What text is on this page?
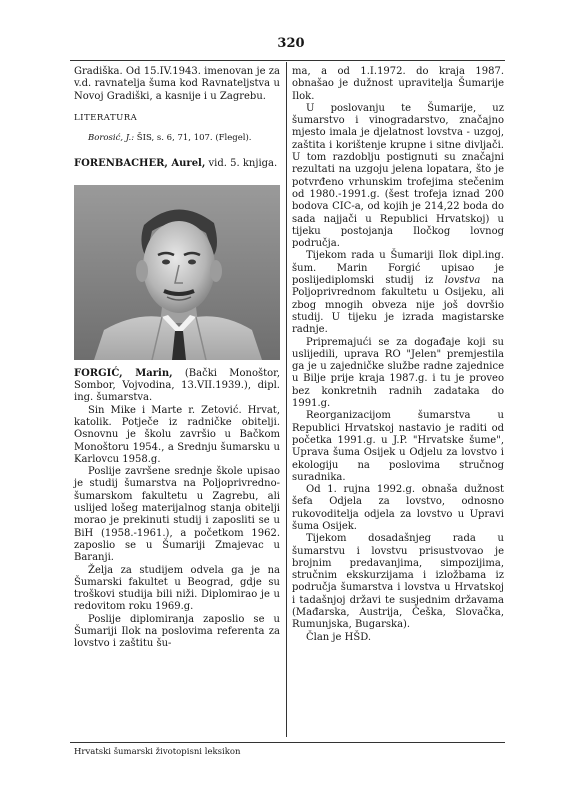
320

Gradiška. Od 15.IV.1943. imenovan je za v.d. ravnatelja šuma kod Ravnateljstva u Novoj Gradiški, a kasnije i u Zagrebu.

LITERATURA

Borosić, J.: ŠIS, s. 6, 71, 107. (Flegel).

FORENBACHER, Aurel, vid. 5. knjiga.

FORGIĆ, Marin, (Bački Monoštor, Sombor, Vojvodina, 13.VII.1939.), dipl. ing. šumarstva.

Sin Mike i Marte r. Zetović. Hrvat, katolik. Potječe iz radničke obitelji. Osnovnu je školu završio u Bačkom Monoštoru 1954., a Srednju šumarsku u Karlovcu 1958.g.

Poslije završene srednje škole upisao je studij šumarstva na Poljoprivredno-šumarskom fakultetu u Zagrebu, ali uslijed lošeg materijalnog stanja obitelji morao je prekinuti studij i zaposliti se u BiH (1958.-1961.), a početkom 1962. zaposlio se u Šumariji Zmajevac u Baranji.

Želja za studijem odvela ga je na Šumarski fakultet u Beograd, gdje su troškovi studija bili niži. Diplomirao je u redovitom roku 1969.g.

Poslije diplomiranja zaposlio se u Šumariji Ilok na poslovima referenta za lovstvo i zaštitu šu-

ma, a od 1.I.1972. do kraja 1987. obnašao je dužnost upravitelja Šumarije Ilok.

U poslovanju te Šumarije, uz šumarstvo i vinogradarstvo, značajno mjesto imala je djelatnost lovstva - uzgoj, zaštita i korištenje krupne i sitne divljači. U tom razdoblju postignuti su značajni rezultati na uzgoju jelena lopatara, što je potvrđeno vrhunskim trofejima stečenim od 1980.-1991.g. (šest trofeja iznad 200 bodova CIC-a, od kojih je 214,22 boda do sada najjači u Republici Hrvatskoj) u tijeku postojanja Iločkog lovnog područja.

Tijekom rada u Šumariji Ilok dipl.ing. šum. Marin Forgić upisao je poslijediplomski studij iz lovstva na Poljoprivrednom fakultetu u Osijeku, ali zbog mnogih obveza nije još dovršio studij. U tijeku je izrada magistarske radnje.

Pripremajući se za događaje koji su uslijedili, uprava RO "Jelen" premjestila ga je u zajedničke službe radne zajednice u Bilje prije kraja 1987.g. i tu je proveo bez konkretnih radnih zadataka do 1991.g.

Reorganizacijom šumarstva u Republici Hrvatskoj nastavio je raditi od početka 1991.g. u J.P. "Hrvatske šume", Uprava šuma Osijek u Odjelu za lovstvo i ekologiju na poslovima stručnog suradnika.

Od 1. rujna 1992.g. obnaša dužnost šefa Odjela za lovstvo, odnosno rukovoditelja odjela za lovstvo u Upravi šuma Osijek.

Tijekom dosadašnjeg rada u šumarstvu i lovstvu prisustvovao je brojnim predavanjima, simpozijima, stručnim ekskurzijama i izložbama iz područja šumarstva i lovstva u Hrvatskoj i tadašnjoj državi te susjednim državama (Mađarska, Austrija, Češka, Slovačka, Rumunjska, Bugarska).

Član je HŠD.

Hrvatski šumarski životopisni leksikon
